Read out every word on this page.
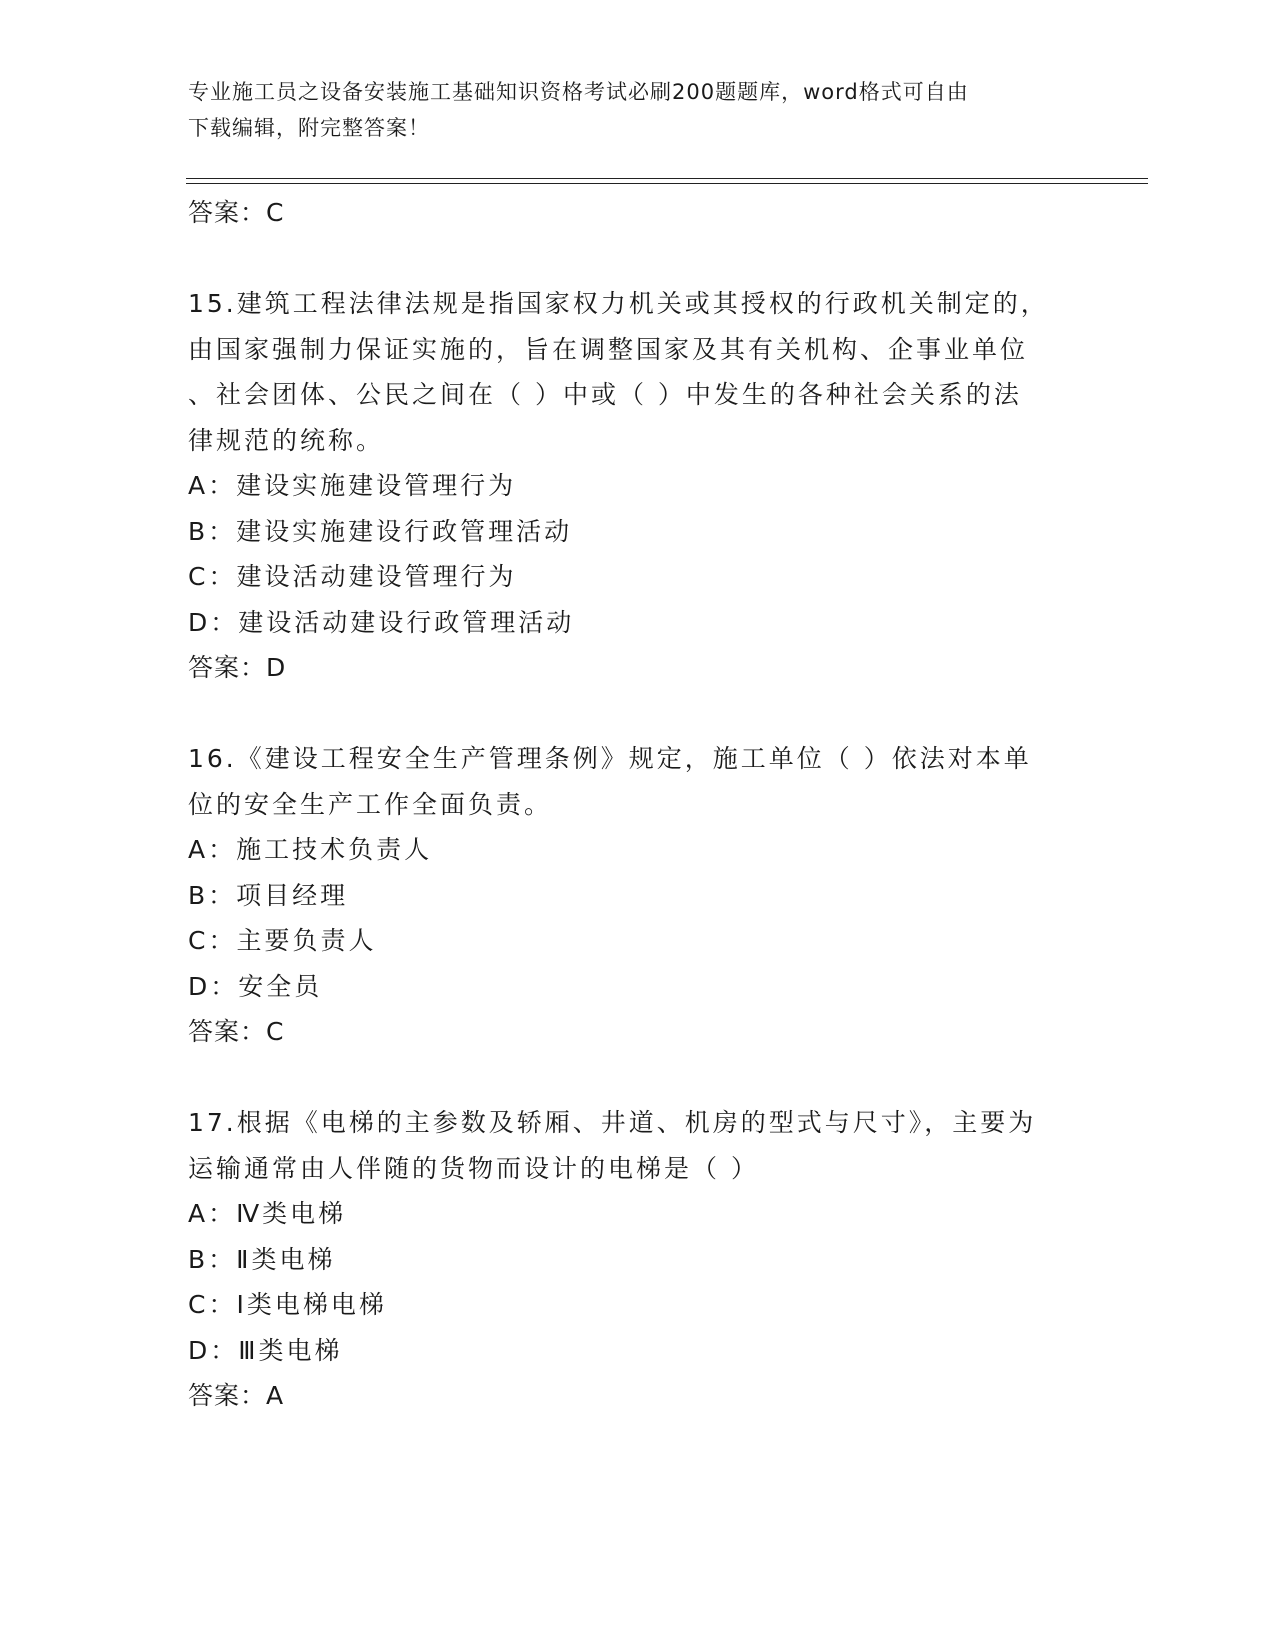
专业施工员之设备安装施工基础知识资格考试必刷200题题库，word格式可自由
下载编辑，附完整答案！
答案：C
15.建筑工程法律法规是指国家权力机关或其授权的行政机关制定的，
由国家强制力保证实施的，旨在调整国家及其有关机构、企事业单位
、社会团体、公民之间在（ ）中或（ ）中发生的各种社会关系的法
律规范的统称。
A：建设实施建设管理行为
B：建设实施建设行政管理活动
C：建设活动建设管理行为
D：建设活动建设行政管理活动
答案：D
16.《建设工程安全生产管理条例》规定，施工单位（ ）依法对本单
位的安全生产工作全面负责。
A：施工技术负责人
B：项目经理
C：主要负责人
D：安全员
答案：C
17.根据《电梯的主参数及轿厢、井道、机房的型式与尺寸》，主要为
运输通常由人伴随的货物而设计的电梯是（ ）
A：Ⅳ类电梯
B：Ⅱ类电梯
C：Ⅰ类电梯电梯
D：Ⅲ类电梯
答案：A
